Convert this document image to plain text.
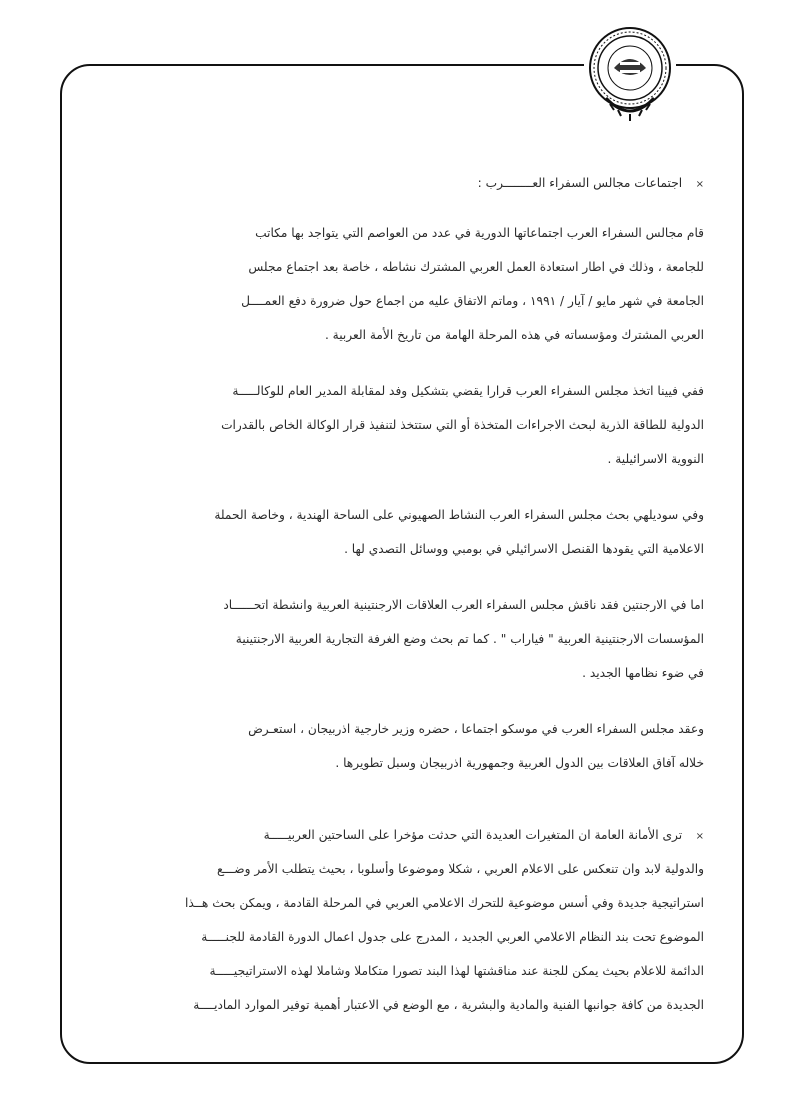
× اجتماعات مجالس السفراء العــــــــرب :
قام مجالس السفراء العرب اجتماعاتها الدورية في عدد من العواصم التي يتواجد بها مكاتب
للجامعة ، وذلك في اطار استعادة العمل العربي المشترك نشاطه ، خاصة بعد اجتماع مجلس
الجامعة في شهر مايو / آيار / ١٩٩١ ، وماتم الاتفاق عليه من اجماع حول ضرورة دفع العمــــل
العربي المشترك ومؤسساته في هذه المرحلة الهامة من تاريخ الأمة العربية .
ففي فيينا اتخذ مجلس السفراء العرب قرارا يقضي بتشكيل وفد لمقابلة المدير العام للوكالـــــة
الدولية للطاقة الذرية لبحث الاجراءات المتخذة أو التي ستتخذ لتنفيذ قرار الوكالة الخاص بالقدرات
النووية الاسرائيلية .
وفي سوديلهي بحث مجلس السفراء العرب النشاط الصهيوني على الساحة الهندية ، وخاصة الحملة
الاعلامية التي يقودها القنصل الاسرائيلي في بومبي ووسائل التصدي لها .
اما في الارجنتين فقد ناقش مجلس السفراء العرب العلاقات الارجنتينية العربية وانشطة اتحــــــاد
المؤسسات الارجنتينية العربية " فياراب " . كما تم بحث وضع الغرفة التجارية العربية الارجنتينية
في ضوء نظامها الجديد .
وعقد مجلس السفراء العرب في موسكو اجتماعا ، حضره وزير خارجية اذربيجان ، استعـرض
خلاله آفاق العلاقات بين الدول العربية وجمهورية اذربيجان وسبل تطويرها .
× ترى الأمانة العامة ان المتغيرات العديدة التي حدثت مؤخرا على الساحتين العربيـــــة
والدولية لابد وان تنعكس على الاعلام العربي ، شكلا وموضوعا وأسلوبا ، بحيث يتطلب الأمر وضـــع
استراتيجية جديدة وفي أسس موضوعية للتحرك الاعلامي العربي في المرحلة القادمة ، ويمكن بحث هــذا
الموضوع تحت بند النظام الاعلامي العربي الجديد ، المدرج على جدول اعمال الدورة القادمة للجنـــــة
الدائمة للاعلام بحيث يمكن للجنة عند مناقشتها لهذا البند تصورا متكاملا وشاملا لهذه الاستراتيجيـــــة
الجديدة من كافة جوانبها الفنية والمادية والبشرية ، مع الوضع في الاعتبار أهمية توفير الموارد الماديــــة
